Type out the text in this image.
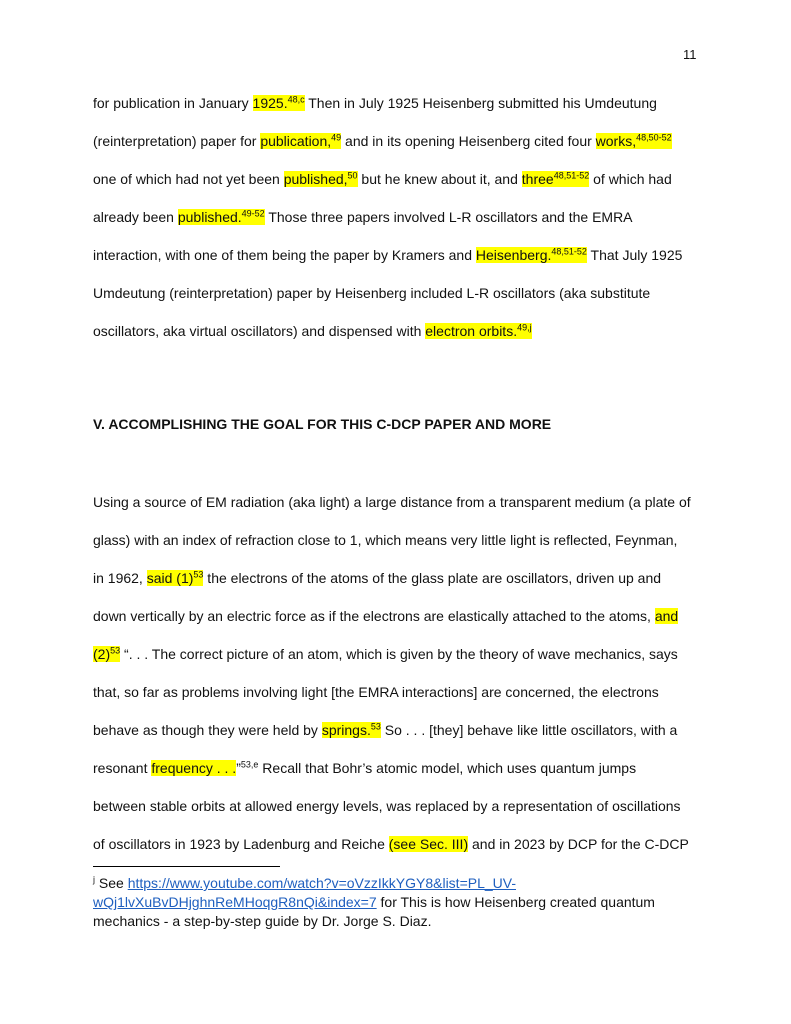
11
for publication in January 1925.$^{48,c}$ Then in July 1925 Heisenberg submitted his Umdeutung
(reinterpretation) paper for publication,$^{49}$ and in its opening Heisenberg cited four works,$^{48,50-52}$
one of which had not yet been published,$^{50}$ but he knew about it, and three$^{48,51-52}$ of which had
already been published.$^{49-52}$ Those three papers involved L-R oscillators and the EMRA
interaction, with one of them being the paper by Kramers and Heisenberg.$^{48,51-52}$ That July 1925
Umdeutung (reinterpretation) paper by Heisenberg included L-R oscillators (aka substitute
oscillators, aka virtual oscillators) and dispensed with electron orbits.$^{49,j}$
V. ACCOMPLISHING THE GOAL FOR THIS C-DCP PAPER AND MORE
Using a source of EM radiation (aka light) a large distance from a transparent medium (a plate of
glass) with an index of refraction close to 1, which means very little light is reflected, Feynman,
in 1962, said $(1)^{53}$ the electrons of the atoms of the glass plate are oscillators, driven up and
down vertically by an electric force as if the electrons are elastically attached to the atoms, and
$(2)^{53}$ “. . . The correct picture of an atom, which is given by the theory of wave mechanics, says
that, so far as problems involving light [the EMRA interactions] are concerned, the electrons
behave as though they were held by springs.$^{53}$ So . . . [they] behave like little oscillators, with a
resonant frequency . . .”$^{53,e}$ Recall that Bohr’s atomic model, which uses quantum jumps
between stable orbits at allowed energy levels, was replaced by a representation of oscillations
of oscillators in 1923 by Ladenburg and Reiche (see Sec. III) and in 2023 by DCP for the C-DCP
$^j$ See https://www.youtube.com/watch?v=oVzzIkkYGY8&list=PL_UV-
wQj1lvXuBvDHjghnReMHoqgR8nQi&index=7 for This is how Heisenberg created quantum
mechanics - a step-by-step guide by Dr. Jorge S. Diaz.
